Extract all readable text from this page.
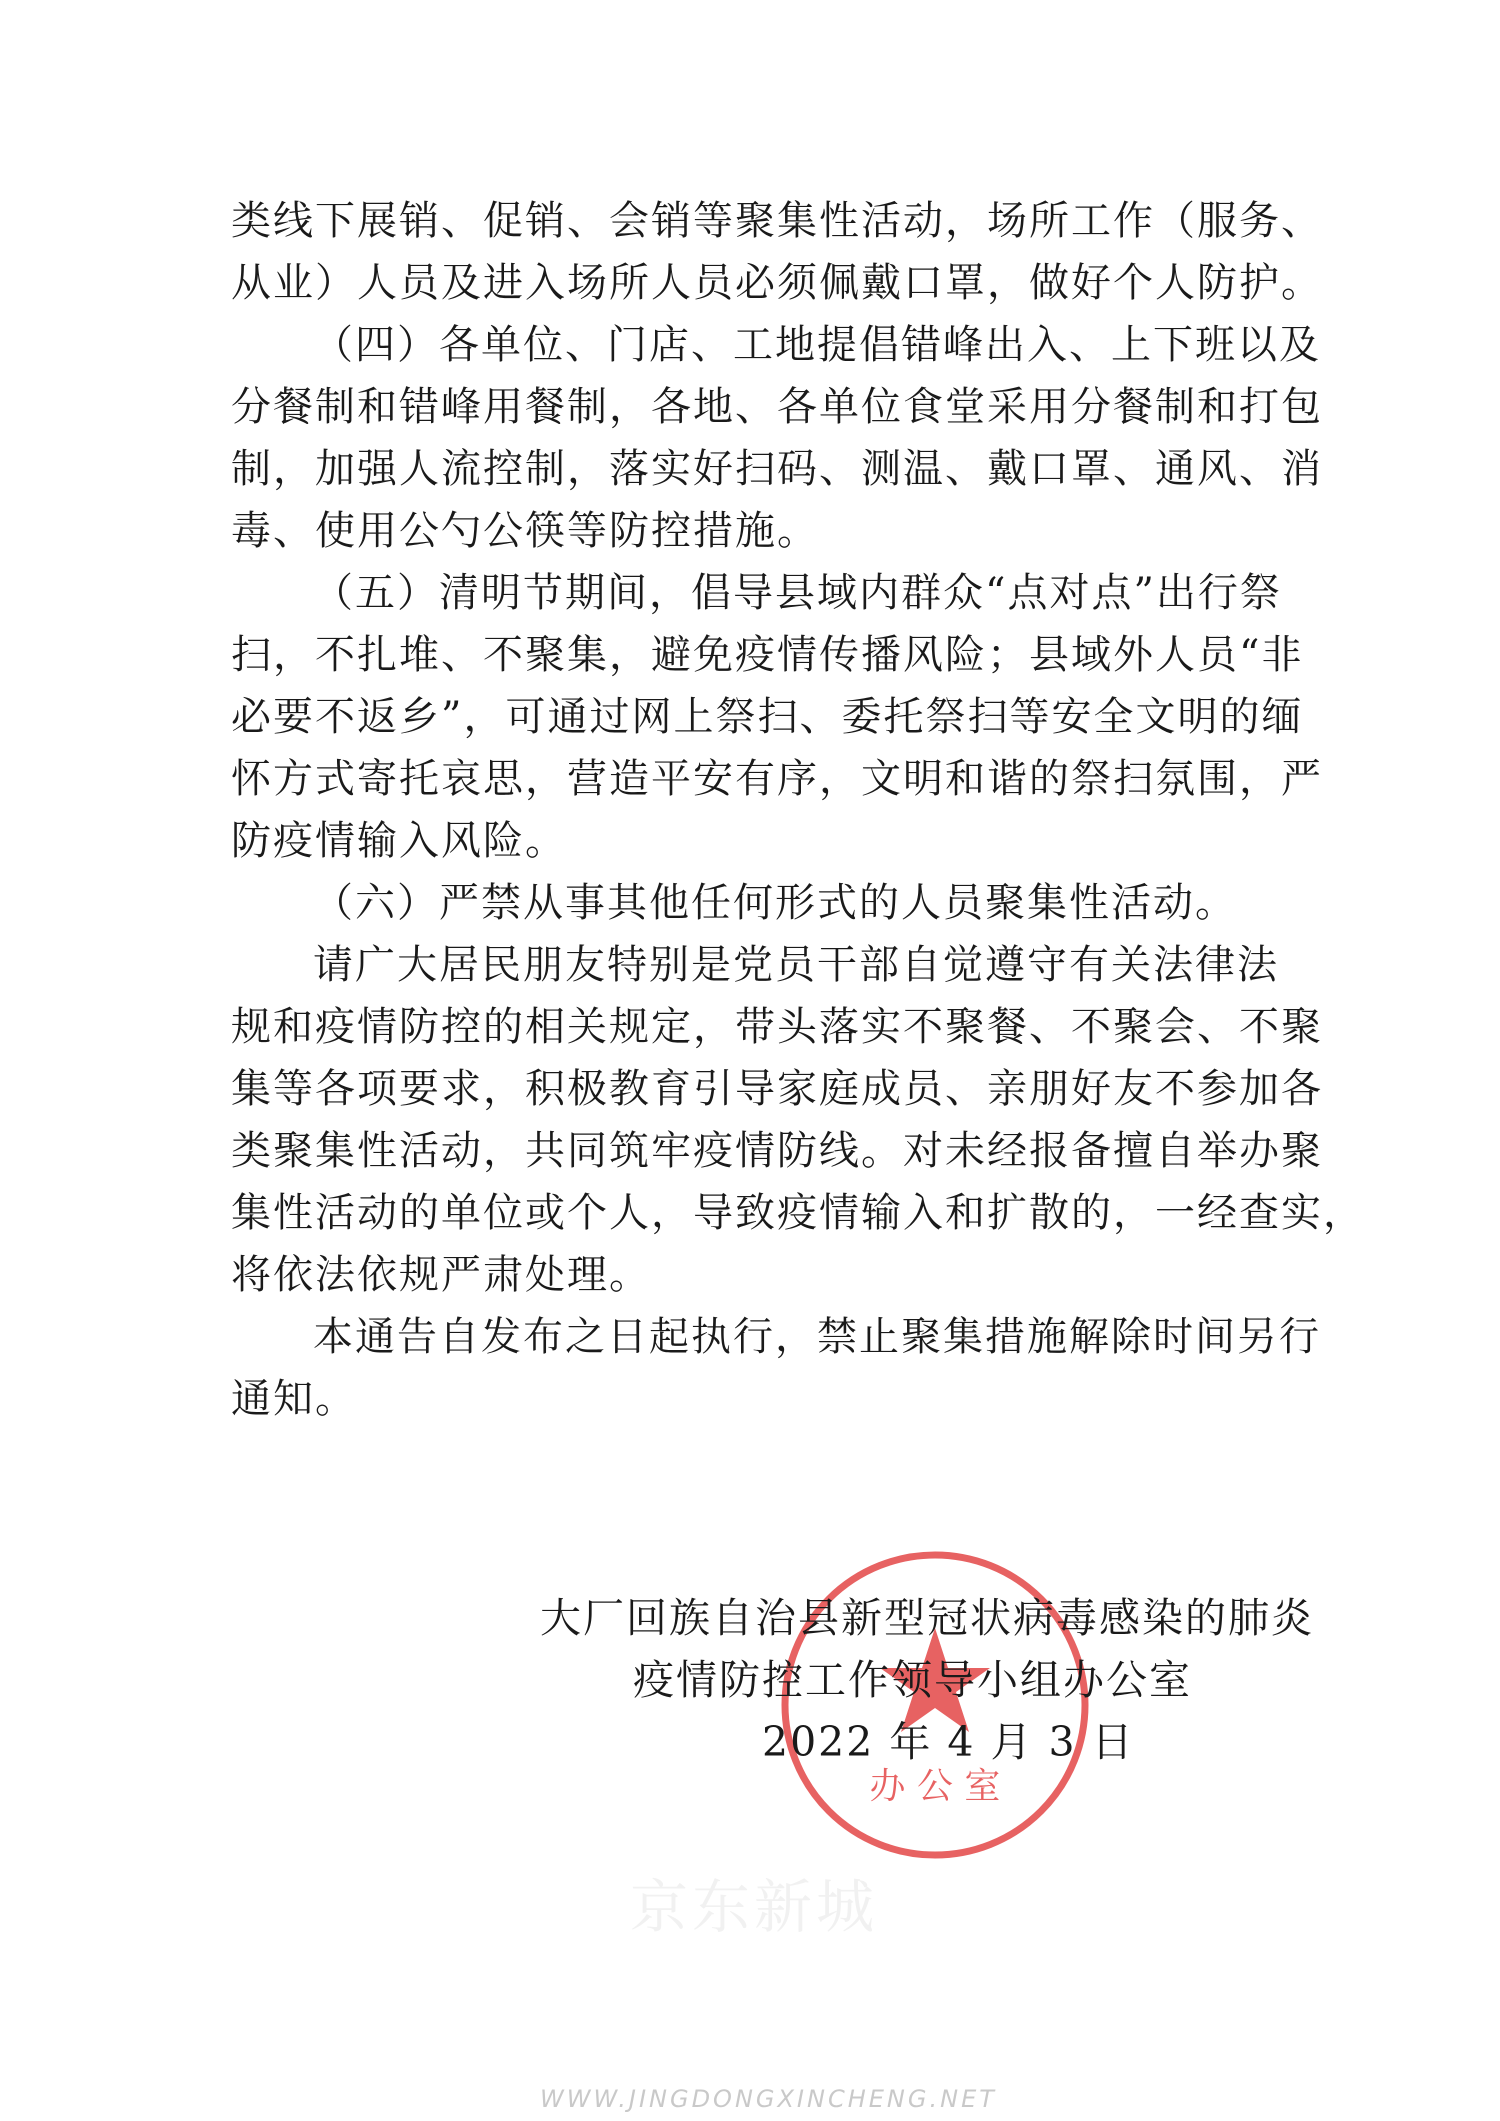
类线下展销、促销、会销等聚集性活动，场所工作（服务、
从业）人员及进入场所人员必须佩戴口罩，做好个人防护。
（四）各单位、门店、工地提倡错峰出入、上下班以及
分餐制和错峰用餐制，各地、各单位食堂采用分餐制和打包
制，加强人流控制，落实好扫码、测温、戴口罩、通风、消
毒、使用公勺公筷等防控措施。
（五）清明节期间，倡导县域内群众“点对点”出行祭
扫，不扎堆、不聚集，避免疫情传播风险；县域外人员“非
必要不返乡”，可通过网上祭扫、委托祭扫等安全文明的缅
怀方式寄托哀思，营造平安有序，文明和谐的祭扫氛围，严
防疫情输入风险。
（六）严禁从事其他任何形式的人员聚集性活动。
请广大居民朋友特别是党员干部自觉遵守有关法律法
规和疫情防控的相关规定，带头落实不聚餐、不聚会、不聚
集等各项要求，积极教育引导家庭成员、亲朋好友不参加各
类聚集性活动，共同筑牢疫情防线。对未经报备擅自举办聚
集性活动的单位或个人，导致疫情输入和扩散的，一经查实，
将依法依规严肃处理。
本通告自发布之日起执行，禁止聚集措施解除时间另行
通知。
办 公 室
大厂回族自治县新型冠状病毒感染的肺炎
疫情防控工作领导小组办公室
2022 年 4 月 3 日
京东新城
WWW.JINGDONGXINCHENG.NET
